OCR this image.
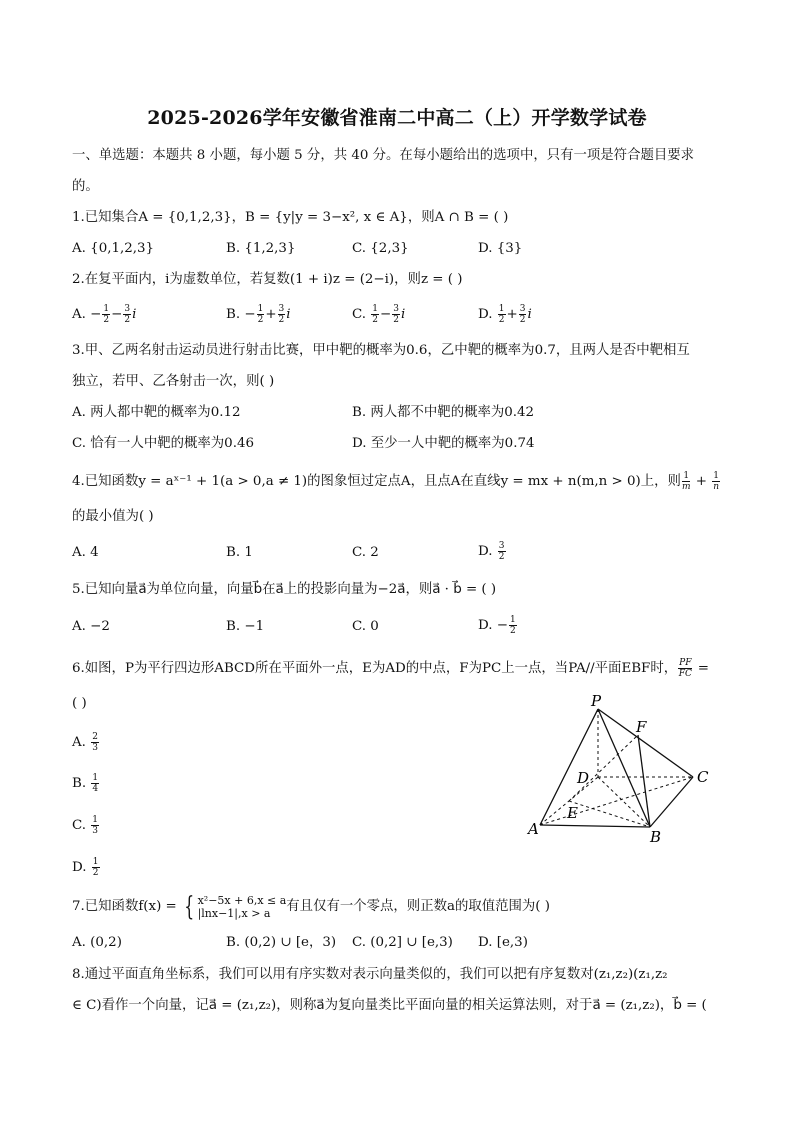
2025-2026学年安徽省淮南二中高二（上）开学数学试卷
一、单选题：本题共 8 小题，每小题 5 分，共 40 分。在每小题给出的选项中，只有一项是符合题目要求
的。
1.已知集合A = {0,1,2,3}，B = {y|y = 3−x², x ∈ A}，则A ∩ B = ( )
A. {0,1,2,3}	B. {1,2,3}	C. {2,3}	D. {3}
2.在复平面内，i为虚数单位，若复数(1 + i)z = (2−i)，则z = ( )
A. − $\frac{1}{2} - \frac{3}{2}$ i	B. − $\frac{1}{2} + \frac{3}{2}$ i	C. $\frac{1}{2} - \frac{3}{2}$ i	D. $\frac{1}{2} + \frac{3}{2}$ i
3.甲、乙两名射击运动员进行射击比赛，甲中靶的概率为0.6，乙中靶的概率为0.7，且两人是否中靶相互
独立，若甲、乙各射击一次，则( )
A. 两人都中靶的概率为0.12	B. 两人都不中靶的概率为0.42
C. 恰有一人中靶的概率为0.46	D. 至少一人中靶的概率为0.74
4.已知函数y = aˣ⁻¹ + 1(a > 0,a ≠ 1)的图象恒过定点A，且点A在直线y = mx + n(m,n > 0)上，则 $\frac{1}{m} + \frac{1}{n}$
的最小值为( )
A. 4	B. 1	C. 2	D. $\frac{3}{2}$
5.已知向量a⃗为单位向量，向量b⃗在a⃗上的投影向量为−2a⃗，则a⃗ · b⃗ = ( )
A. −2	B. −1	C. 0	D. − $\frac{1}{2}$
6.如图，P为平行四边形ABCD所在平面外一点，E为AD的中点，F为PC上一点，当PA//平面EBF时， $\frac{PF}{FC}$ =
( )
A. $\frac{2}{3}$
B. $\frac{1}{4}$
C. $\frac{1}{3}$
D. $\frac{1}{2}$
P
F
D	C
E
A	B
7.已知函数f(x) = { x²−5x + 6,x ≤ a
|lnx−1|,x > a	有且仅有一个零点，则正数a的取值范围为( )
A. (0,2)	B. (0,2) ∪ [e，3) C. (0,2] ∪ [e,3) D. [e,3)
8.通过平面直角坐标系，我们可以用有序实数对表示向量类似的，我们可以把有序复数对(z₁,z₂)(z₁,z₂
∈ C)看作一个向量，记a⃗ = (z₁,z₂)，则称a⃗为复向量类比平面向量的相关运算法则，对于a⃗ = (z₁,z₂)，b⃗ = (
